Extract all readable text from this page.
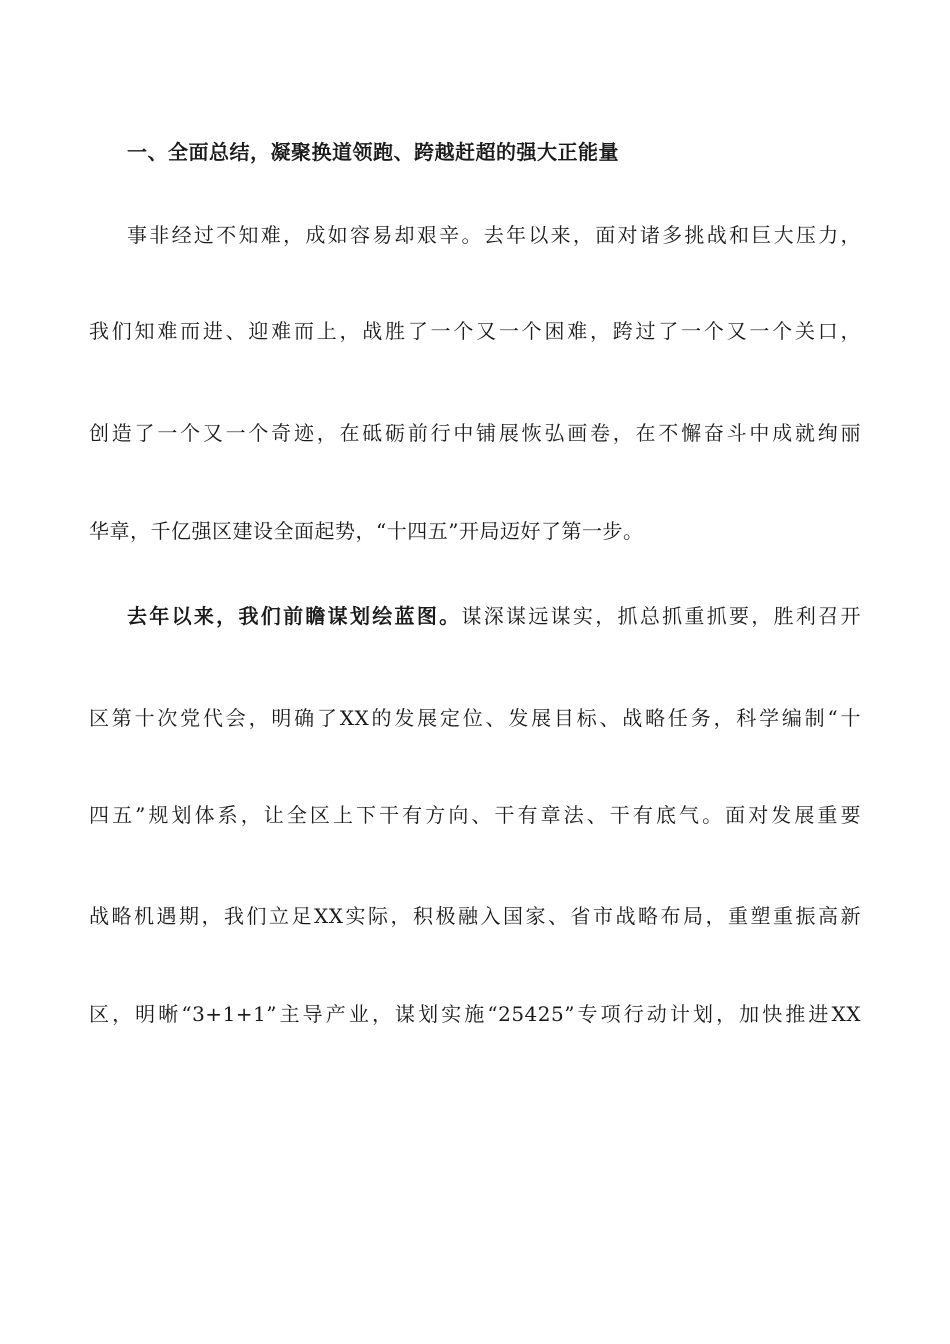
一、全面总结，凝聚换道领跑、跨越赶超的强大正能量
事非经过不知难，成如容易却艰辛。去年以来，面对诸多挑战和巨大压力，
我们知难而进、迎难而上，战胜了一个又一个困难，跨过了一个又一个关口，
创造了一个又一个奇迹，在砥砺前行中铺展恢弘画卷，在不懈奋斗中成就绚丽
华章，千亿强区建设全面起势，“十四五”开局迈好了第一步。
去年以来，我们前瞻谋划绘蓝图。谋深谋远谋实，抓总抓重抓要，胜利召开
区第十次党代会，明确了XX的发展定位、发展目标、战略任务，科学编制“十
四五”规划体系，让全区上下干有方向、干有章法、干有底气。面对发展重要
战略机遇期，我们立足XX实际，积极融入国家、省市战略布局，重塑重振高新
区，明晰“3+1+1”主导产业，谋划实施“25425”专项行动计划，加快推进XX
